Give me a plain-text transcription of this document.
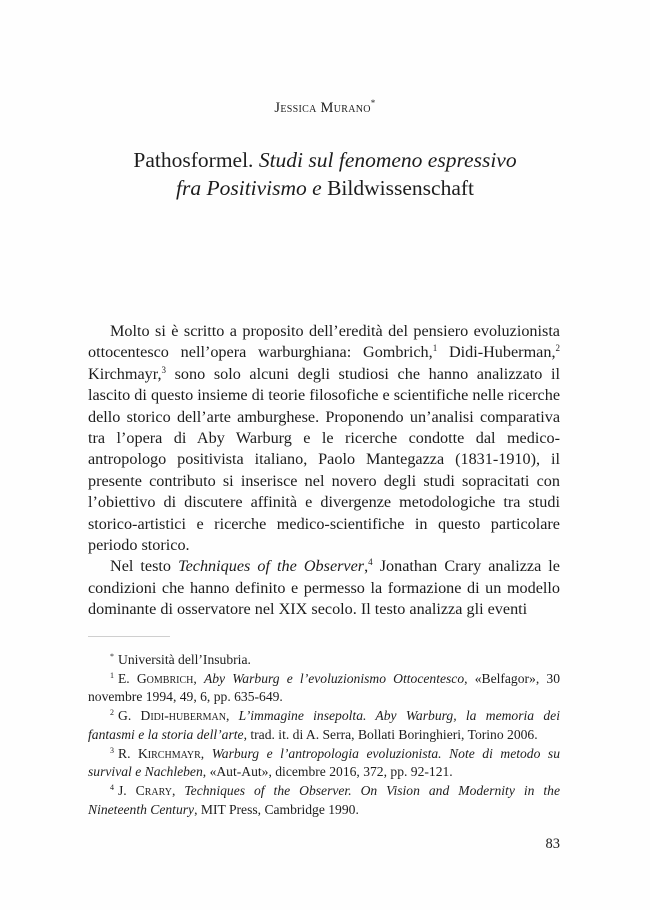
Jessica Murano*
Pathosformel. Studi sul fenomeno espressivo
fra Positivismo e Bildwissenschaft

Molto si è scritto a proposito dell’eredità del pensiero evoluzionista ottocentesco nell’opera warburghiana: Gombrich,$^1$ Didi-Huberman,$^2$ Kirchmayr,$^3$ sono solo alcuni degli studiosi che hanno analizzato il lascito di questo insieme di teorie filosofiche e scientifiche nelle ricerche dello storico dell’arte amburghese. Proponendo un’analisi comparativa tra l’opera di Aby Warburg e le ricerche condotte dal medico-antropologo positivista italiano, Paolo Mantegazza (1831-1910), il presente contributo si inserisce nel novero degli studi sopracitati con l’obiettivo di discutere affinità e divergenze metodologiche tra studi storico-artistici e ricerche medico-scientifiche in questo particolare periodo storico.

Nel testo Techniques of the Observer,$^4$ Jonathan Crary analizza le condizioni che hanno definito e permesso la formazione di un modello dominante di osservatore nel XIX secolo. Il testo analizza gli eventi

* Università dell’Insubria.

$^1$ E. Gombrich, Aby Warburg e l’evoluzionismo Ottocentesco, «Belfagor», 30 novembre 1994, 49, 6, pp. 635-649.

$^2$ G. Didi-huberman, L’immagine insepolta. Aby Warburg, la memoria dei fantasmi e la storia dell’arte, trad. it. di A. Serra, Bollati Boringhieri, Torino 2006.

$^3$ R. Kirchmayr, Warburg e l’antropologia evoluzionista. Note di metodo su survival e Nachleben, «Aut-Aut», dicembre 2016, 372, pp. 92-121.

$^4$ J. Crary, Techniques of the Observer. On Vision and Modernity in the Nineteenth Century, MIT Press, Cambridge 1990.

83
